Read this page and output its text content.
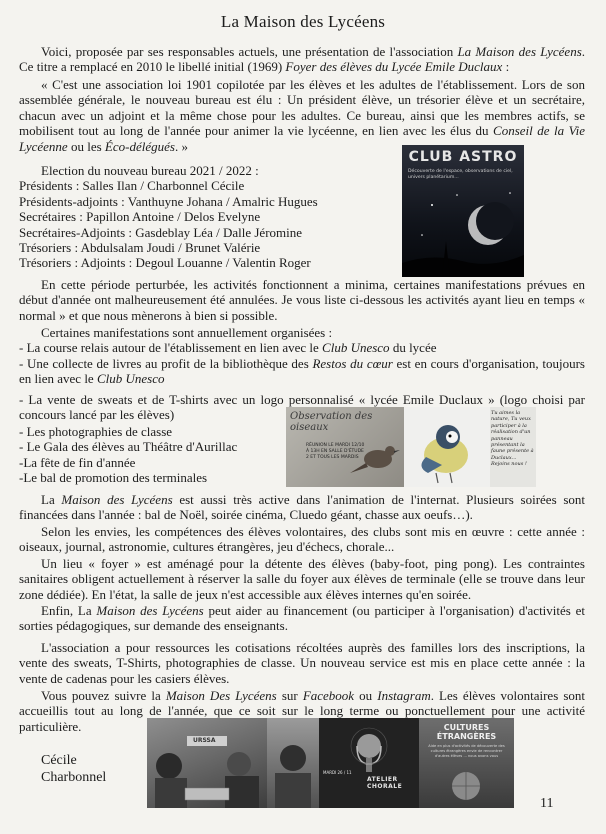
La Maison des Lycéens

Voici, proposée par ses responsables actuels, une présentation de l'association La Maison des Lycéens. Ce titre a remplacé en 2010 le libellé initial (1969) Foyer des élèves du Lycée Emile Duclaux :

« C'est une association loi 1901 copilotée par les élèves et les adultes de l'établissement. Lors de son assemblée générale, le nouveau bureau est élu : Un président élève, un trésorier élève et un secrétaire, chacun avec un adjoint et la même chose pour les adultes. Ce bureau, ainsi que les membres actifs, se mobilisent tout au long de l'année pour animer la vie lycéenne, en lien avec les élus du Conseil de la Vie Lycéenne ou les Éco-délégués. »

Election du nouveau bureau 2021 / 2022 :

Présidents : Salles Ilan / Charbonnel Cécile

Présidents-adjoints : Vanthuyne Johana / Amalric Hugues

Secrétaires : Papillon Antoine / Delos Evelyne

Secrétaires-Adjoints : Gasdeblay Léa / Dalle Jéromine

Trésoriers : Abdulsalam Joudi / Brunet Valérie

Trésoriers : Adjoints : Degoul Louanne / Valentin Roger

En cette période perturbée, les activités fonctionnent a minima, certaines manifestations prévues en début d'année ont malheureusement été annulées. Je vous liste ci-dessous les activités ayant lieu en temps « normal » et que nous mènerons à bien si possible.

Certaines manifestations sont annuellement organisées :

- La course relais autour de l'établissement en lien avec le Club Unesco du lycée

- Une collecte de livres au profit de la bibliothèque des Restos du cœur est en cours d'organisation, toujours en lien avec le Club Unesco

- La vente de sweats et de T-shirts avec un logo personnalisé « lycée Emile Duclaux » (logo choisi par concours lancé par les élèves)

- Les photographies de classe

- Le Gala des élèves au Théâtre d'Aurillac

-La fête de fin d'année

-Le bal de promotion des terminales

La Maison des Lycéens est aussi très active dans l'animation de l'internat. Plusieurs soirées sont financées dans l'année : bal de Noël, soirée cinéma, Cluedo géant, chasse aux oeufs…).

Selon les envies, les compétences des élèves volontaires, des clubs sont mis en œuvre : cette année : oiseaux, journal, astronomie, cultures étrangères, jeu d'échecs, chorale...

Un lieu « foyer » est aménagé pour la détente des élèves (baby-foot, ping pong). Les contraintes sanitaires obligent actuellement à réserver la salle du foyer aux élèves de terminale (elle se trouve dans leur zone dédiée). En l'état, la salle de jeux n'est accessible aux élèves internes qu'en soirée.

Enfin, La Maison des Lycéens peut aider au financement (ou participer à l'organisation) d'activités et sorties pédagogiques, sur demande des enseignants.

L'association a pour ressources les cotisations récoltées auprès des familles lors des inscriptions, la vente des sweats, T-Shirts, photographies de classe. Un nouveau service est mis en place cette année : la vente de cadenas pour les casiers élèves.

Vous pouvez suivre la Maison Des Lycéens sur Facebook ou Instagram. Les élèves volontaires sont accueillis tout au long de l'année, que ce soit sur le long terme ou ponctuellement pour une activité particulière.

CLUB ASTRO
Découverte de l'espace, observations de ciel, univers planétarium...
Observation des oiseaux
RÉUNION LE MARDI 12/10 À 13H EN SALLE D'ÉTUDE 2 ET TOUS LES MARDIS
Tu aimes la nature, Tu veux participer à la réalisation d'un panneau présentant la faune présente à Duclaux... Rejoins nous !
URSSA
MARDI 26 / 11
ATELIER CHORALE
CULTURES ÉTRANGÈRES
Aide en plus d'activités de découverte des cultures étrangères envie de rencontrer d'autres élèves ... nous avons vous
Cécile
Charbonnel
11
